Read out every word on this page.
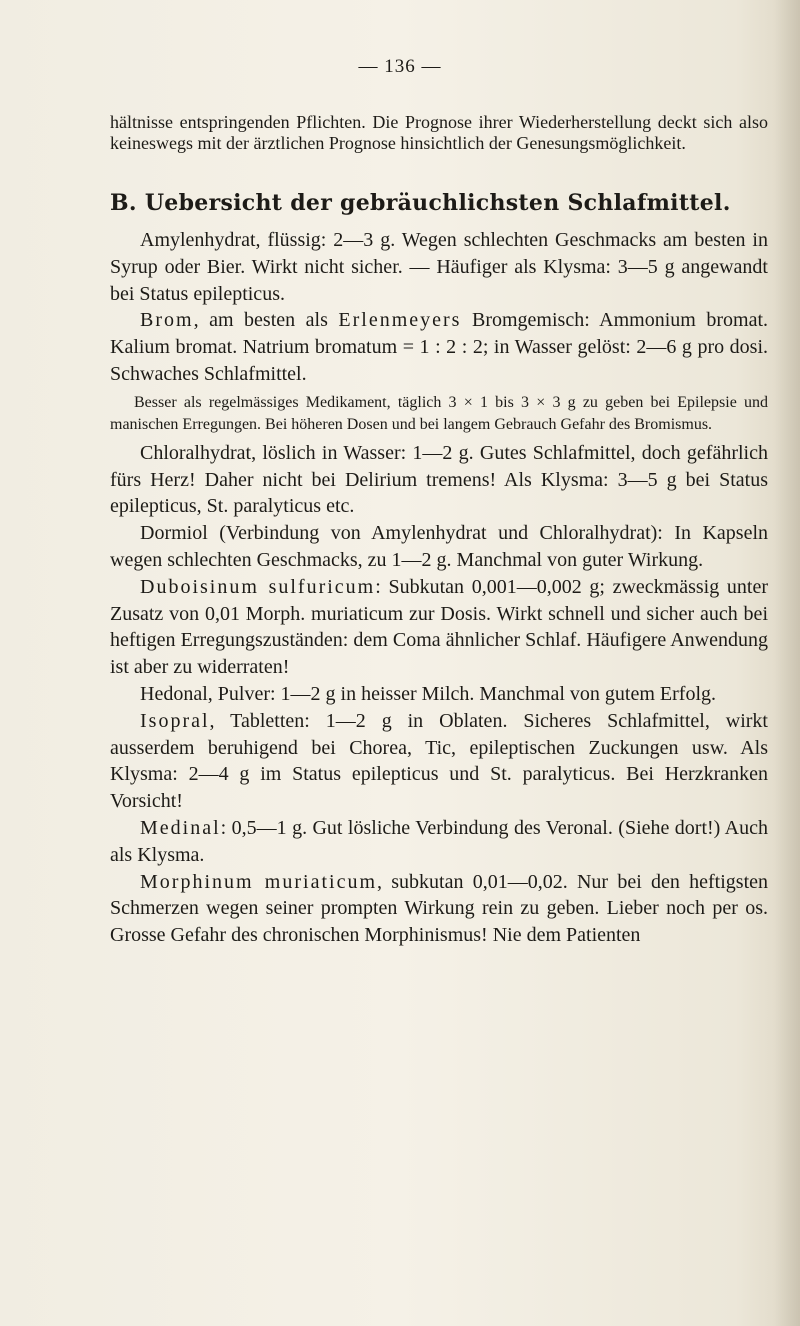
— 136 —

hältnisse entspringenden Pflichten. Die Prognose ihrer Wiederherstellung deckt sich also keineswegs mit der ärztlichen Prognose hinsichtlich der Genesungsmöglichkeit.

B. Uebersicht der gebräuchlichsten Schlafmittel.

Amylenhydrat, flüssig: 2—3 g. Wegen schlechten Geschmacks am besten in Syrup oder Bier. Wirkt nicht sicher. — Häufiger als Klysma: 3—5 g angewandt bei Status epilepticus.

Brom, am besten als Erlenmeyers Bromgemisch: Ammonium bromat. Kalium bromat. Natrium bromatum = 1 : 2 : 2; in Wasser gelöst: 2—6 g pro dosi. Schwaches Schlafmittel.

Besser als regelmässiges Medikament, täglich 3 × 1 bis 3 × 3 g zu geben bei Epilepsie und manischen Erregungen. Bei höheren Dosen und bei langem Gebrauch Gefahr des Bromismus.

Chloralhydrat, löslich in Wasser: 1—2 g. Gutes Schlafmittel, doch gefährlich fürs Herz! Daher nicht bei Delirium tremens! Als Klysma: 3—5 g bei Status epilepticus, St. paralyticus etc.

Dormiol (Verbindung von Amylenhydrat und Chloralhydrat): In Kapseln wegen schlechten Geschmacks, zu 1—2 g. Manchmal von guter Wirkung.

Duboisinum sulfuricum: Subkutan 0,001—0,002 g; zweckmässig unter Zusatz von 0,01 Morph. muriaticum zur Dosis. Wirkt schnell und sicher auch bei heftigen Erregungszuständen: dem Coma ähnlicher Schlaf. Häufigere Anwendung ist aber zu widerraten!

Hedonal, Pulver: 1—2 g in heisser Milch. Manchmal von gutem Erfolg.

Isopral, Tabletten: 1—2 g in Oblaten. Sicheres Schlafmittel, wirkt ausserdem beruhigend bei Chorea, Tic, epileptischen Zuckungen usw. Als Klysma: 2—4 g im Status epilepticus und St. paralyticus. Bei Herzkranken Vorsicht!

Medinal: 0,5—1 g. Gut lösliche Verbindung des Veronal. (Siehe dort!) Auch als Klysma.

Morphinum muriaticum, subkutan 0,01—0,02. Nur bei den heftigsten Schmerzen wegen seiner prompten Wirkung rein zu geben. Lieber noch per os. Grosse Gefahr des chronischen Morphinismus! Nie dem Patienten
